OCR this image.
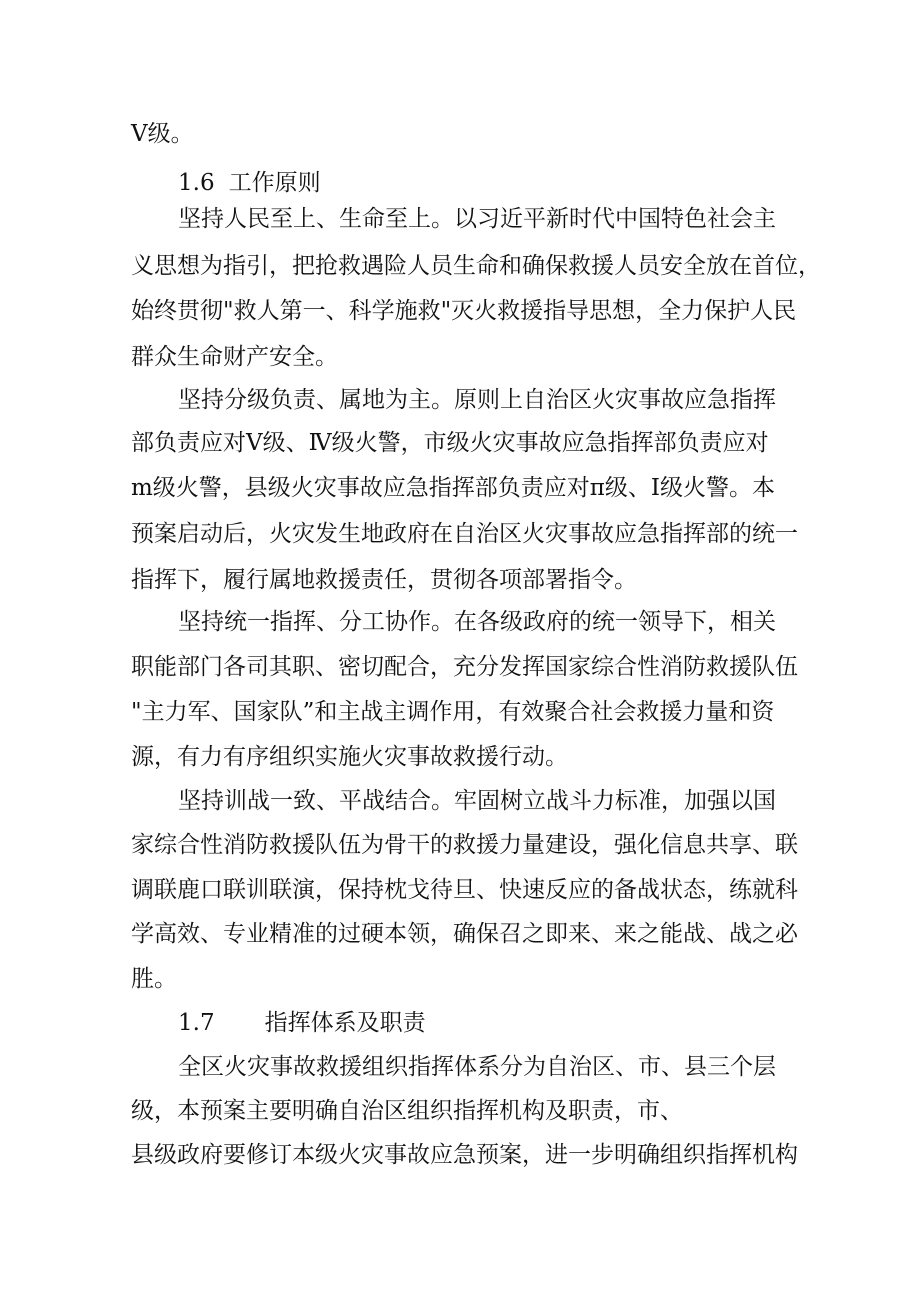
Ⅴ级。
1.6 工作原则
坚持人民至上、生命至上。以习近平新时代中国特色社会主
义思想为指引，把抢救遇险人员生命和确保救援人员安全放在首位，
始终贯彻"救人第一、科学施救"灭火救援指导思想，全力保护人民
群众生命财产安全。
坚持分级负责、属地为主。原则上自治区火灾事故应急指挥
部负责应对Ⅴ级、Ⅳ级火警，市级火灾事故应急指挥部负责应对
m级火警，县级火灾事故应急指挥部负责应对π级、Ⅰ级火警。本
预案启动后，火灾发生地政府在自治区火灾事故应急指挥部的统一
指挥下，履行属地救援责任，贯彻各项部署指令。
坚持统一指挥、分工协作。在各级政府的统一领导下，相关
职能部门各司其职、密切配合，充分发挥国家综合性消防救援队伍
"主力军、国家队”和主战主调作用，有效聚合社会救援力量和资
源，有力有序组织实施火灾事故救援行动。
坚持训战一致、平战结合。牢固树立战斗力标准，加强以国
家综合性消防救援队伍为骨干的救援力量建设，强化信息共享、联
调联鹿口联训联演，保持枕戈待旦、快速反应的备战状态，练就科
学高效、专业精准的过硬本领，确保召之即来、来之能战、战之必
胜。
1.7 指挥体系及职责
全区火灾事故救援组织指挥体系分为自治区、市、县三个层
级，本预案主要明确自治区组织指挥机构及职责，市、
县级政府要修订本级火灾事故应急预案，进一步明确组织指挥机构
